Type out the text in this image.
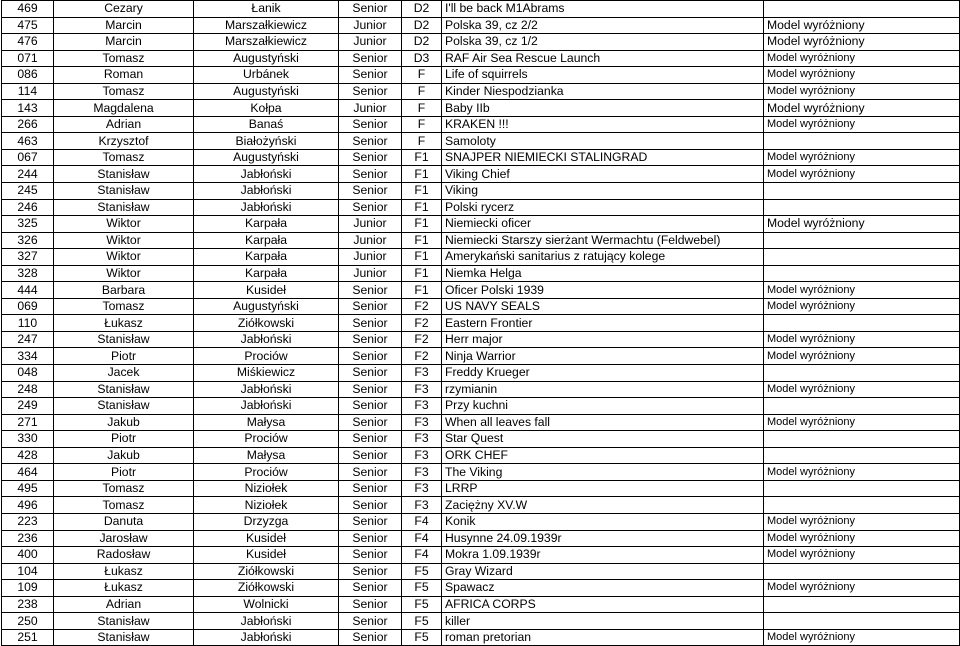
469	Cezary	Łanik	Senior	D2	I'll be back M1Abrams	
475	Marcin	Marszałkiewicz	Junior	D2	Polska 39, cz 2/2	Model wyróżniony
476	Marcin	Marszałkiewicz	Junior	D2	Polska 39, cz 1/2	Model wyróżniony
071	Tomasz	Augustyński	Senior	D3	RAF Air Sea Rescue Launch	Model wyróżniony
086	Roman	Urbánek	Senior	F	Life of squirrels	Model wyróżniony
114	Tomasz	Augustyński	Senior	F	Kinder Niespodzianka	Model wyróżniony
143	Magdalena	Kołpa	Junior	F	Baby IIb	Model wyróżniony
266	Adrian	Banaś	Senior	F	KRAKEN !!!	Model wyróżniony
463	Krzysztof	Białożyński	Senior	F	Samoloty	
067	Tomasz	Augustyński	Senior	F1	SNAJPER NIEMIECKI STALINGRAD	Model wyróżniony
244	Stanisław	Jabłoński	Senior	F1	Viking Chief	Model wyróżniony
245	Stanisław	Jabłoński	Senior	F1	Viking	
246	Stanisław	Jabłoński	Senior	F1	Polski rycerz	
325	Wiktor	Karpała	Junior	F1	Niemiecki oficer	Model wyróżniony
326	Wiktor	Karpała	Junior	F1	Niemiecki Starszy sierżant Wermachtu (Feldwebel)	
327	Wiktor	Karpała	Junior	F1	Amerykański sanitarius z ratujący kolege	
328	Wiktor	Karpała	Junior	F1	Niemka Helga	
444	Barbara	Kusideł	Senior	F1	Oficer Polski 1939	Model wyróżniony
069	Tomasz	Augustyński	Senior	F2	US NAVY SEALS	Model wyróżniony
110	Łukasz	Ziółkowski	Senior	F2	Eastern Frontier	
247	Stanisław	Jabłoński	Senior	F2	Herr major	Model wyróżniony
334	Piotr	Prociów	Senior	F2	Ninja Warrior	Model wyróżniony
048	Jacek	Miśkiewicz	Senior	F3	Freddy Krueger	
248	Stanisław	Jabłoński	Senior	F3	rzymianin	Model wyróżniony
249	Stanisław	Jabłoński	Senior	F3	Przy kuchni	
271	Jakub	Małysa	Senior	F3	When all leaves fall	Model wyróżniony
330	Piotr	Prociów	Senior	F3	Star Quest	
428	Jakub	Małysa	Senior	F3	ORK CHEF	
464	Piotr	Prociów	Senior	F3	The Viking	Model wyróżniony
495	Tomasz	Niziołek	Senior	F3	LRRP	
496	Tomasz	Niziołek	Senior	F3	Zaciężny XV.W	
223	Danuta	Drzyzga	Senior	F4	Konik	Model wyróżniony
236	Jarosław	Kusideł	Senior	F4	Husynne 24.09.1939r	Model wyróżniony
400	Radosław	Kusideł	Senior	F4	Mokra 1.09.1939r	Model wyróżniony
104	Łukasz	Ziółkowski	Senior	F5	Gray Wizard	
109	Łukasz	Ziółkowski	Senior	F5	Spawacz	Model wyróżniony
238	Adrian	Wolnicki	Senior	F5	AFRICA CORPS	
250	Stanisław	Jabłoński	Senior	F5	killer	
251	Stanisław	Jabłoński	Senior	F5	roman pretorian	Model wyróżniony
